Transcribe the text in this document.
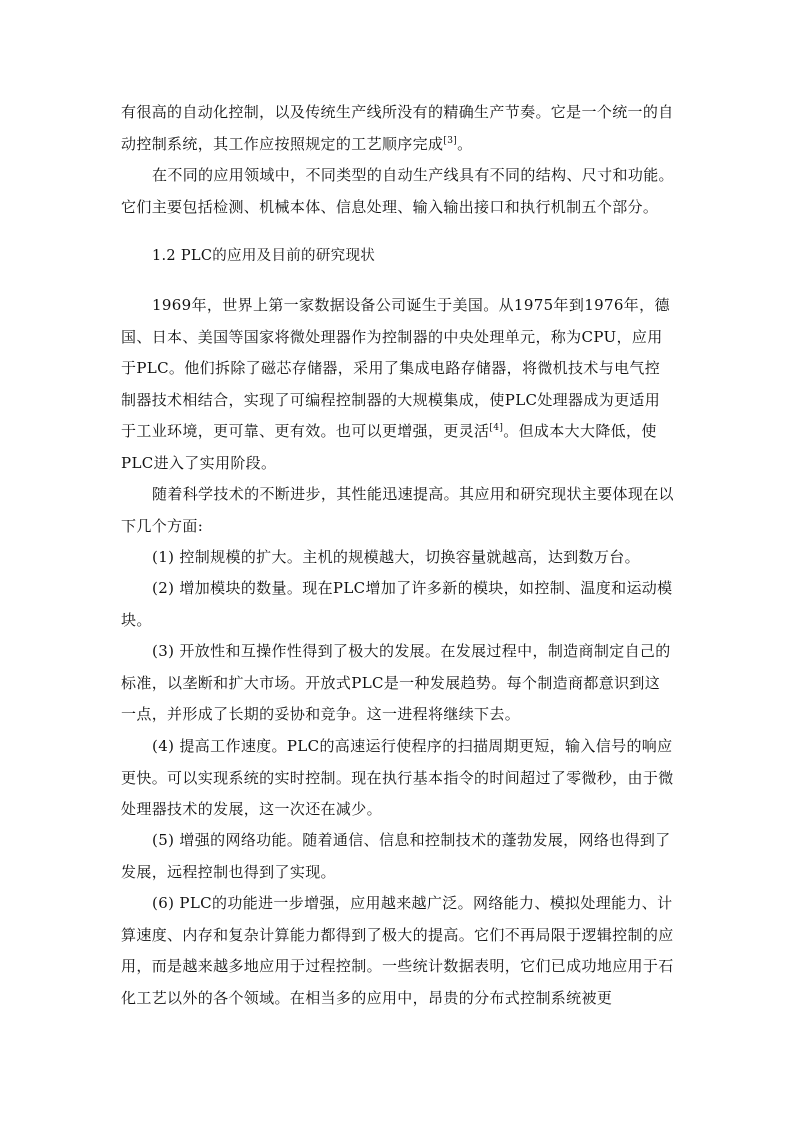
有很高的自动化控制，以及传统生产线所没有的精确生产节奏。它是一个统一的自动控制系统，其工作应按照规定的工艺顺序完成[3]。

在不同的应用领域中，不同类型的自动生产线具有不同的结构、尺寸和功能。它们主要包括检测、机械本体、信息处理、输入输出接口和执行机制五个部分。

1.2 PLC的应用及目前的研究现状

1969年，世界上第一家数据设备公司诞生于美国。从1975年到1976年，德国、日本、美国等国家将微处理器作为控制器的中央处理单元，称为CPU，应用于PLC。他们拆除了磁芯存储器，采用了集成电路存储器，将微机技术与电气控制器技术相结合，实现了可编程控制器的大规模集成，使PLC处理器成为更适用于工业环境，更可靠、更有效。也可以更增强，更灵活[4]。但成本大大降低，使PLC进入了实用阶段。

随着科学技术的不断进步，其性能迅速提高。其应用和研究现状主要体现在以下几个方面:

(1) 控制规模的扩大。主机的规模越大，切换容量就越高，达到数万台。

(2) 增加模块的数量。现在PLC增加了许多新的模块，如控制、温度和运动模块。

(3) 开放性和互操作性得到了极大的发展。在发展过程中，制造商制定自己的标准，以垄断和扩大市场。开放式PLC是一种发展趋势。每个制造商都意识到这一点，并形成了长期的妥协和竞争。这一进程将继续下去。

(4) 提高工作速度。PLC的高速运行使程序的扫描周期更短，输入信号的响应更快。可以实现系统的实时控制。现在执行基本指令的时间超过了零微秒，由于微处理器技术的发展，这一次还在减少。

(5) 增强的网络功能。随着通信、信息和控制技术的蓬勃发展，网络也得到了发展，远程控制也得到了实现。

(6) PLC的功能进一步增强，应用越来越广泛。网络能力、模拟处理能力、计算速度、内存和复杂计算能力都得到了极大的提高。它们不再局限于逻辑控制的应用，而是越来越多地应用于过程控制。一些统计数据表明，它们已成功地应用于石化工艺以外的各个领域。在相当多的应用中，昂贵的分布式控制系统被更
